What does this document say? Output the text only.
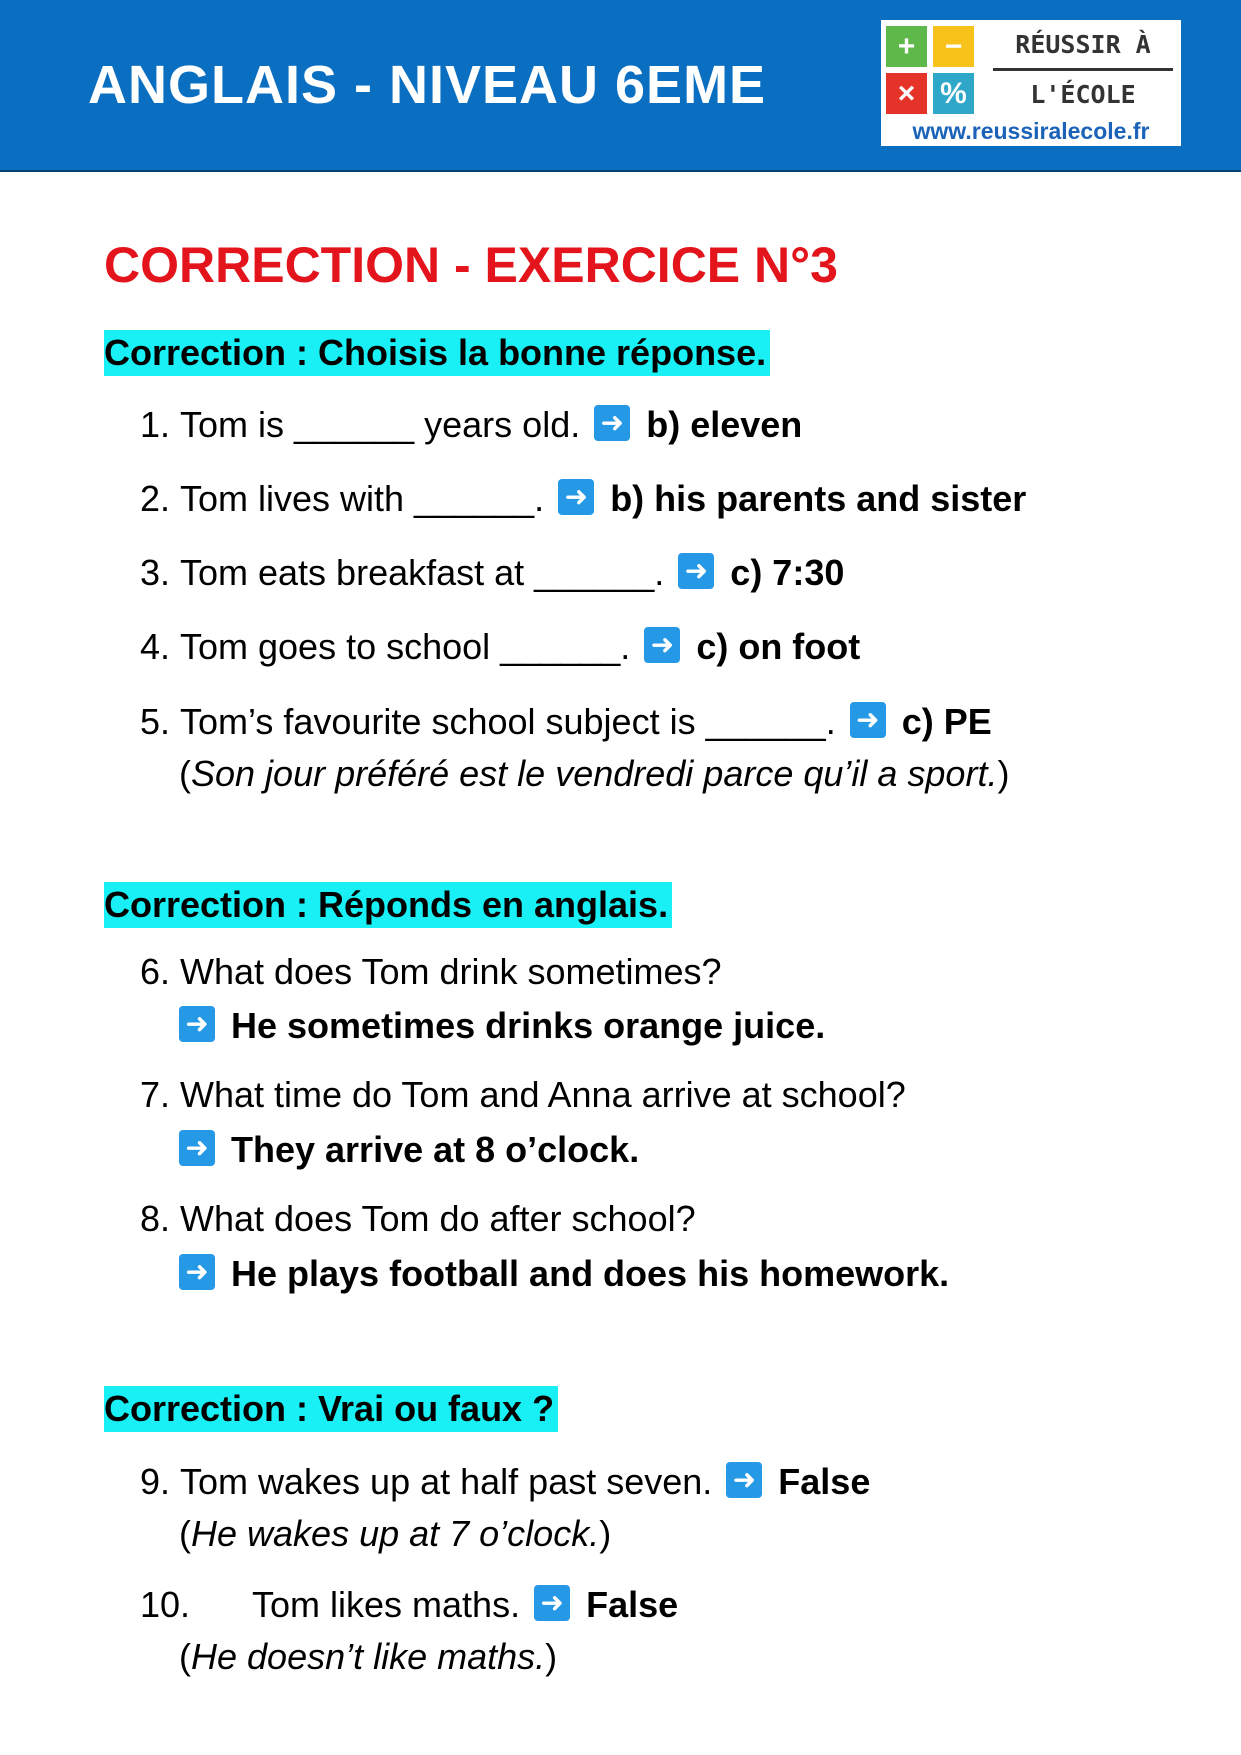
ANGLAIS - NIVEAU 6EME
+ −
× %
RÉUSSIR À
L'ÉCOLE
www.reussiralecole.fr
CORRECTION - EXERCICE N°3
Correction : Choisis la bonne réponse.
1. Tom is ______ years old. ➜ b) eleven
2. Tom lives with ______. ➜ b) his parents and sister
3. Tom eats breakfast at ______. ➜ c) 7:30
4. Tom goes to school ______. ➜ c) on foot
5. Tom’s favourite school subject is ______. ➜ c) PE
(Son jour préféré est le vendredi parce qu’il a sport.)
Correction : Réponds en anglais.
6. What does Tom drink sometimes?
➜ He sometimes drinks orange juice.
7. What time do Tom and Anna arrive at school?
➜ They arrive at 8 o’clock.
8. What does Tom do after school?
➜ He plays football and does his homework.
Correction : Vrai ou faux ?
9. Tom wakes up at half past seven. ➜ False
(He wakes up at 7 o’clock.)
10. Tom likes maths. ➜ False
(He doesn’t like maths.)
